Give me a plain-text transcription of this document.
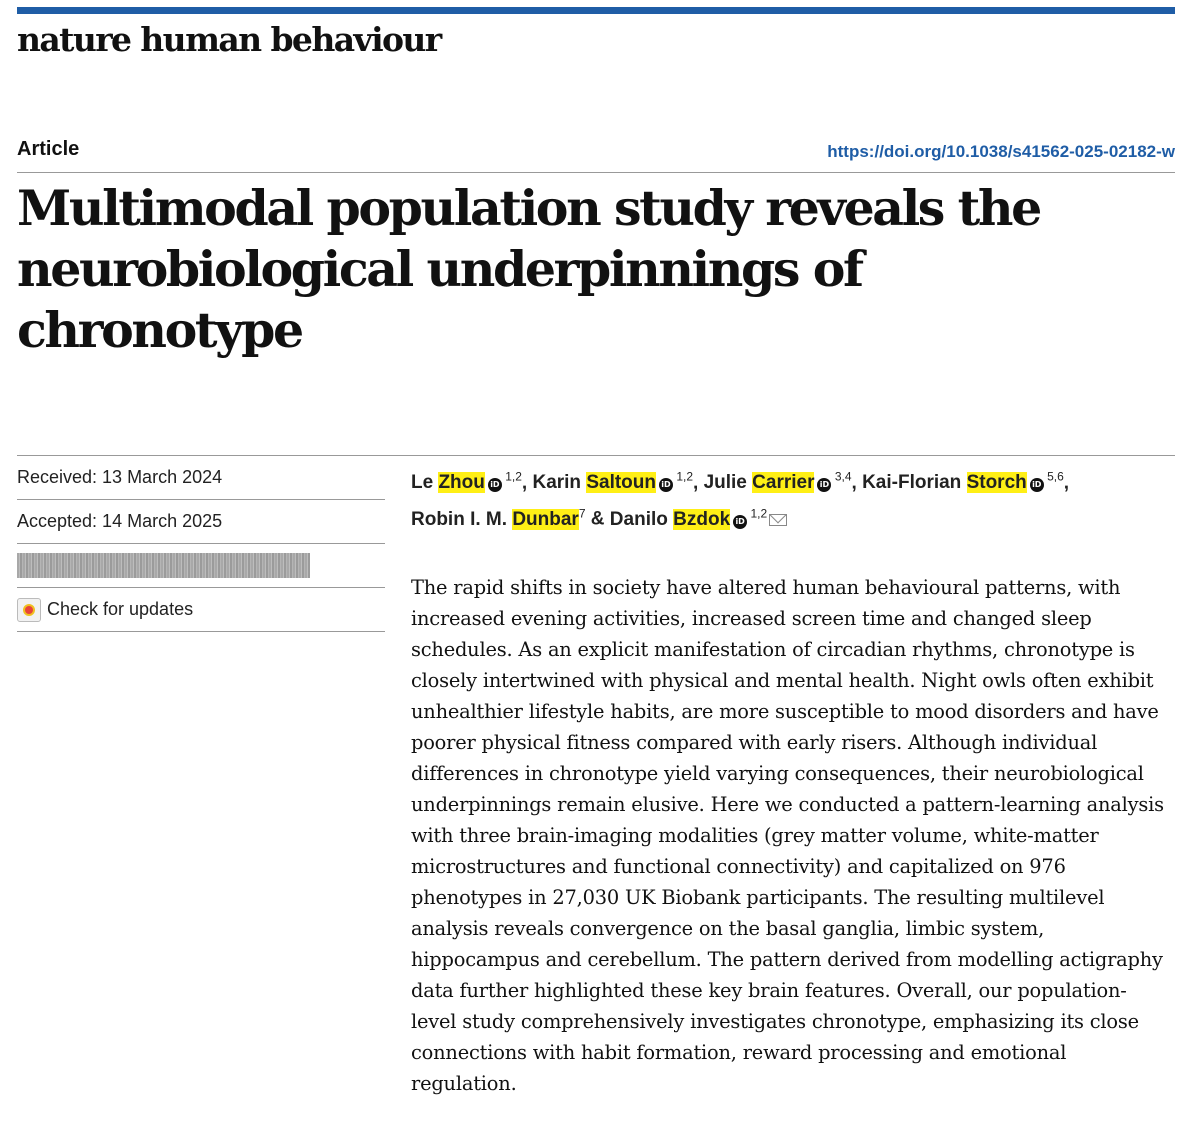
nature human behaviour
Article	https://doi.org/10.1038/s41562-025-02182-w
Multimodal population study reveals the neurobiological underpinnings of chronotype
Received: 13 March 2024
Accepted: 14 March 2025
Check for updates
Le Zhou iD $^{1,2}$, Karin Saltoun iD $^{1,2}$, Julie Carrier iD $^{3,4}$, Kai-Florian Storch iD $^{5,6}$,
Robin I. M. Dunbar$^7$ & Danilo Bzdok iD $^{1,2}$

The rapid shifts in society have altered human behavioural patterns, with increased evening activities, increased screen time and changed sleep schedules. As an explicit manifestation of circadian rhythms, chronotype is closely intertwined with physical and mental health. Night owls often exhibit unhealthier lifestyle habits, are more susceptible to mood disorders and have poorer physical fitness compared with early risers. Although individual differences in chronotype yield varying consequences, their neurobiological underpinnings remain elusive. Here we conducted a pattern-learning analysis with three brain-imaging modalities (grey matter volume, white-matter microstructures and functional connectivity) and capitalized on 976 phenotypes in 27,030 UK Biobank participants. The resulting multilevel analysis reveals convergence on the basal ganglia, limbic system, hippocampus and cerebellum. The pattern derived from modelling actigraphy data further highlighted these key brain features. Overall, our population-level study comprehensively investigates chronotype, emphasizing its close connections with habit formation, reward processing and emotional regulation.
